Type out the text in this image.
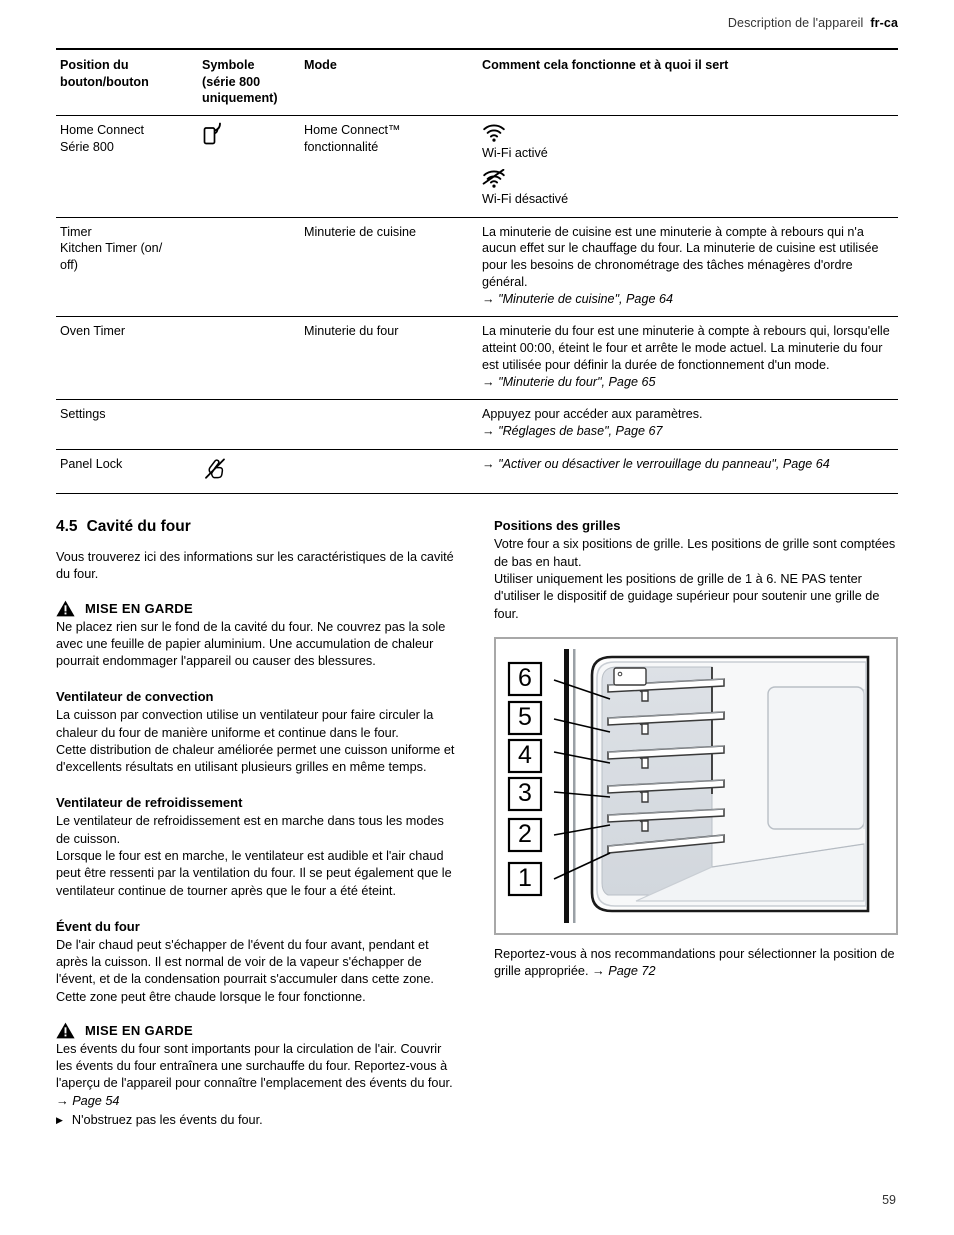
Description de l'appareil fr-ca
59
Position du
bouton/bouton	Symbole
(série 800
uniquement)	Mode	Comment cela fonctionne et à quoi il sert
Home Connect
Série 800		Home Connect™
fonctionnalité	Wi-Fi activé
Wi-Fi désactivé

Timer
Kitchen Timer (on/
off)		Minuterie de cuisine	La minuterie de cuisine est une minuterie à compte à rebours qui n'a aucun effet sur le chauffage du four. La minuterie de cuisine est utilisée pour les besoins de chronométrage des tâches ménagères d'ordre général.
→ "Minuterie de cuisine", Page 64

Oven Timer		Minuterie du four	La minuterie du four est une minuterie à compte à rebours qui, lorsqu'elle atteint 00:00, éteint le four et arrête le mode actuel. La minuterie du four est utilisée pour définir la durée de fonctionnement d'un mode.
→ "Minuterie du four", Page 65

Settings			Appuyez pour accéder aux paramètres.
→ "Réglages de base", Page 67

Panel Lock			→ "Activer ou désactiver le verrouillage du panneau", Page 64
4.5 Cavité du four

Vous trouverez ici des informations sur les caractéristiques de la cavité du four.

MISE EN GARDE

Ne placez rien sur le fond de la cavité du four. Ne couvrez pas la sole avec une feuille de papier aluminium. Une accumulation de chaleur pourrait endommager l'appareil ou causer des blessures.

Ventilateur de convection

La cuisson par convection utilise un ventilateur pour faire circuler la chaleur du four de manière uniforme et continue dans le four.

Cette distribution de chaleur améliorée permet une cuisson uniforme et d'excellents résultats en utilisant plusieurs grilles en même temps.

Ventilateur de refroidissement

Le ventilateur de refroidissement est en marche dans tous les modes de cuisson.

Lorsque le four est en marche, le ventilateur est audible et l'air chaud peut être ressenti par la ventilation du four. Il se peut également que le ventilateur continue de tourner après que le four a été éteint.

Évent du four

De l'air chaud peut s'échapper de l'évent du four avant, pendant et après la cuisson. Il est normal de voir de la vapeur s'échapper de l'évent, et de la condensation pourrait s'accumuler dans cette zone. Cette zone peut être chaude lorsque le four fonctionne.

MISE EN GARDE

Les évents du four sont importants pour la circulation de l'air. Couvrir les évents du four entraînera une surchauffe du four. Reportez-vous à l'aperçu de l'appareil pour connaître l'emplacement des évents du four. → Page 54

▶ N'obstruez pas les évents du four.
Positions des grilles

Votre four a six positions de grille. Les positions de grille sont comptées de bas en haut.

Utiliser uniquement les positions de grille de 1 à 6. NE PAS tenter d'utiliser le dispositif de guidage supérieur pour soutenir une grille de four.

6
5
4
3
2
1

Reportez-vous à nos recommandations pour sélectionner la position de grille appropriée. → Page 72
